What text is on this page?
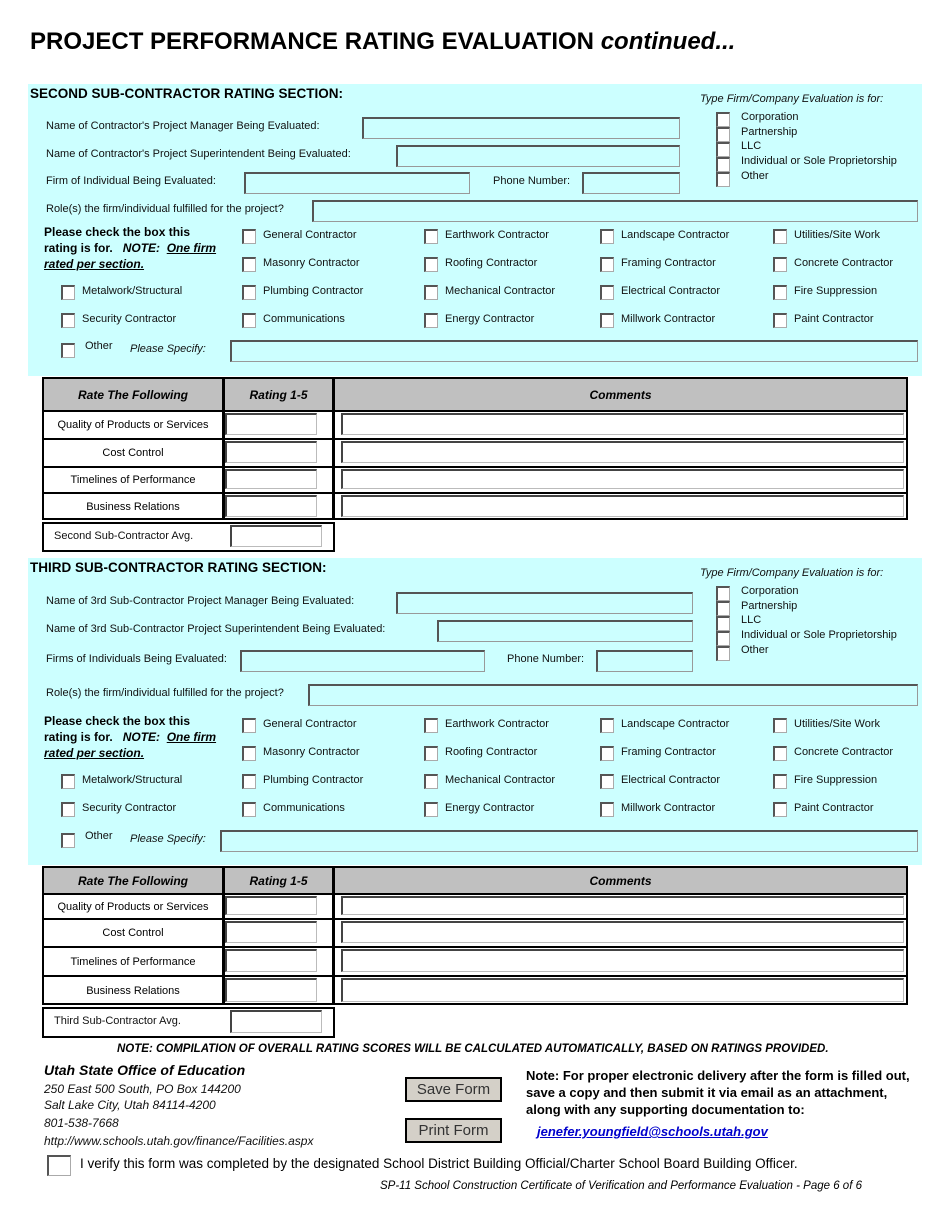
PROJECT PERFORMANCE RATING EVALUATION continued...
SECOND SUB-CONTRACTOR RATING SECTION:	Type Firm/Company Evaluation is for:
Corporation
Partnership
LLC
Individual or Sole Proprietorship
Other
Name of Contractor's Project Manager Being Evaluated:
Name of Contractor's Project Superintendent Being Evaluated:
Firm of Individual Being Evaluated:	Phone Number:
Role(s) the firm/individual fulfilled for the project?
Please check the box this
rating is for. NOTE: One firm
rated per section.
General Contractor	Earthwork Contractor	Landscape Contractor	Utilities/Site Work
Masonry Contractor	Roofing Contractor	Framing Contractor	Concrete Contractor
Metalwork/Structural	Plumbing Contractor	Mechanical Contractor	Electrical Contractor	Fire Suppression
Security Contractor	Communications	Energy Contractor	Millwork Contractor	Paint Contractor
Other Please Specify:
Rate The Following	Rating 1-5	Comments
Quality of Products or Services
Cost Control
Timelines of Performance
Business Relations
Second Sub-Contractor Avg.
THIRD SUB-CONTRACTOR RATING SECTION:	Type Firm/Company Evaluation is for:
Corporation
Partnership
LLC
Individual or Sole Proprietorship
Other
Name of 3rd Sub-Contractor Project Manager Being Evaluated:
Name of 3rd Sub-Contractor Project Superintendent Being Evaluated:
Firms of Individuals Being Evaluated:	Phone Number:
Role(s) the firm/individual fulfilled for the project?
Please check the box this
rating is for. NOTE: One firm
rated per section.
General Contractor	Earthwork Contractor	Landscape Contractor	Utilities/Site Work
Masonry Contractor	Roofing Contractor	Framing Contractor	Concrete Contractor
Metalwork/Structural	Plumbing Contractor	Mechanical Contractor	Electrical Contractor	Fire Suppression
Security Contractor	Communications	Energy Contractor	Millwork Contractor	Paint Contractor
Other Please Specify:
Rate The Following	Rating 1-5	Comments
Quality of Products or Services
Cost Control
Timelines of Performance
Business Relations
Third Sub-Contractor Avg.
NOTE: COMPILATION OF OVERALL RATING SCORES WILL BE CALCULATED AUTOMATICALLY, BASED ON RATINGS PROVIDED.
Utah State Office of Education
250 East 500 South, PO Box 144200
Salt Lake City, Utah 84114-4200
801-538-7668
http://www.schools.utah.gov/finance/Facilities.aspx
Save Form
Print Form
Note: For proper electronic delivery after the form is filled out, save a copy and then submit it via email as an attachment, along with any supporting documentation to:
jenefer.youngfield@schools.utah.gov
I verify this form was completed by the designated School District Building Official/Charter School Board Building Officer.
SP-11 School Construction Certificate of Verification and Performance Evaluation - Page 6 of 6
